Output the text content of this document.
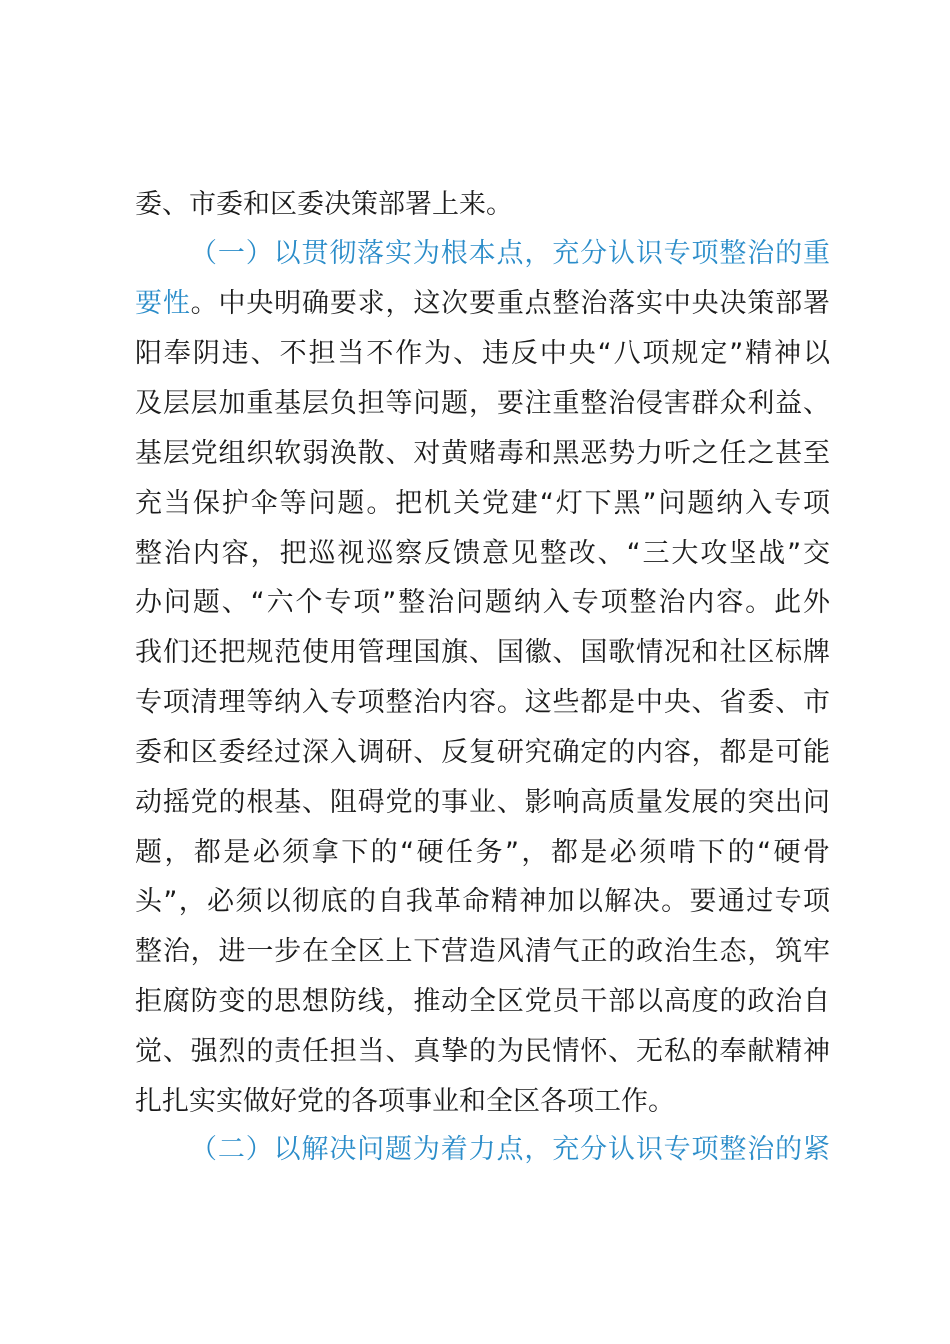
委、市委和区委决策部署上来。
（一）以贯彻落实为根本点，充分认识专项整治的重
要性 。中央明确要求，这次要重点整治落实中央决策部署
阳奉阴违、不担当不作为、违反中央“八项规定”精神以
及层层加重基层负担等问题，要注重整治侵害群众利益、
基层党组织软弱涣散、对黄赌毒和黑恶势力听之任之甚至
充当保护伞等问题。把机关党建“灯下黑”问题纳入专项
整治内容，把巡视巡察反馈意见整改、“三大攻坚战”交
办问题、“六个专项”整治问题纳入专项整治内容。此外
我们还把规范使用管理国旗、国徽、国歌情况和社区标牌
专项清理等纳入专项整治内容。这些都是中央、省委、市
委和区委经过深入调研、反复研究确定的内容，都是可能
动摇党的根基、阻碍党的事业、影响高质量发展的突出问
题，都是必须拿下的“硬任务”，都是必须啃下的“硬骨
头”，必须以彻底的自我革命精神加以解决。要通过专项
整治，进一步在全区上下营造风清气正的政治生态，筑牢
拒腐防变的思想防线，推动全区党员干部以高度的政治自
觉、强烈的责任担当、真挚的为民情怀、无私的奉献精神
扎扎实实做好党的各项事业和全区各项工作。
（二）以解决问题为着力点，充分认识专项整治的紧
